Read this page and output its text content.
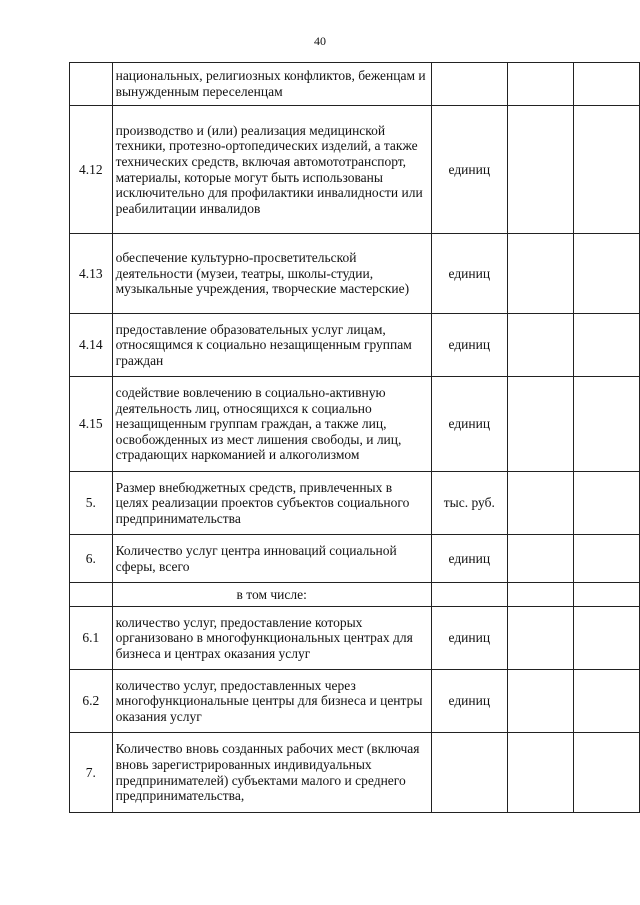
40
	национальных, религиозных конфликтов, беженцам и вынужденным переселенцам			
4.12	производство и (или) реализация медицинской техники, протезно-ортопедических изделий, а также технических средств, включая автомототранспорт, материалы, которые могут быть использованы исключительно для профилактики инвалидности или реабилитации инвалидов	единиц		
4.13	обеспечение культурно-просветительской деятельности (музеи, театры, школы-студии, музыкальные учреждения, творческие мастерские)	единиц		
4.14	предоставление образовательных услуг лицам, относящимся к социально незащищенным группам граждан	единиц		
4.15	содействие вовлечению в социально-активную деятельность лиц, относящихся к социально незащищенным группам граждан, а также лиц, освобожденных из мест лишения свободы, и лиц, страдающих наркоманией и алкоголизмом	единиц		
5.	Размер внебюджетных средств, привлеченных в целях реализации проектов субъектов социального предпринимательства	тыс. руб.		
6.	Количество услуг центра инноваций социальной сферы, всего	единиц		
	в том числе:			
6.1	количество услуг, предоставление которых организовано в многофункциональных центрах для бизнеса и центрах оказания услуг	единиц		
6.2	количество услуг, предоставленных через многофункциональные центры для бизнеса и центры оказания услуг	единиц		
7.	Количество вновь созданных рабочих мест (включая вновь зарегистрированных индивидуальных предпринимателей) субъектами малого и среднего предпринимательства,			
